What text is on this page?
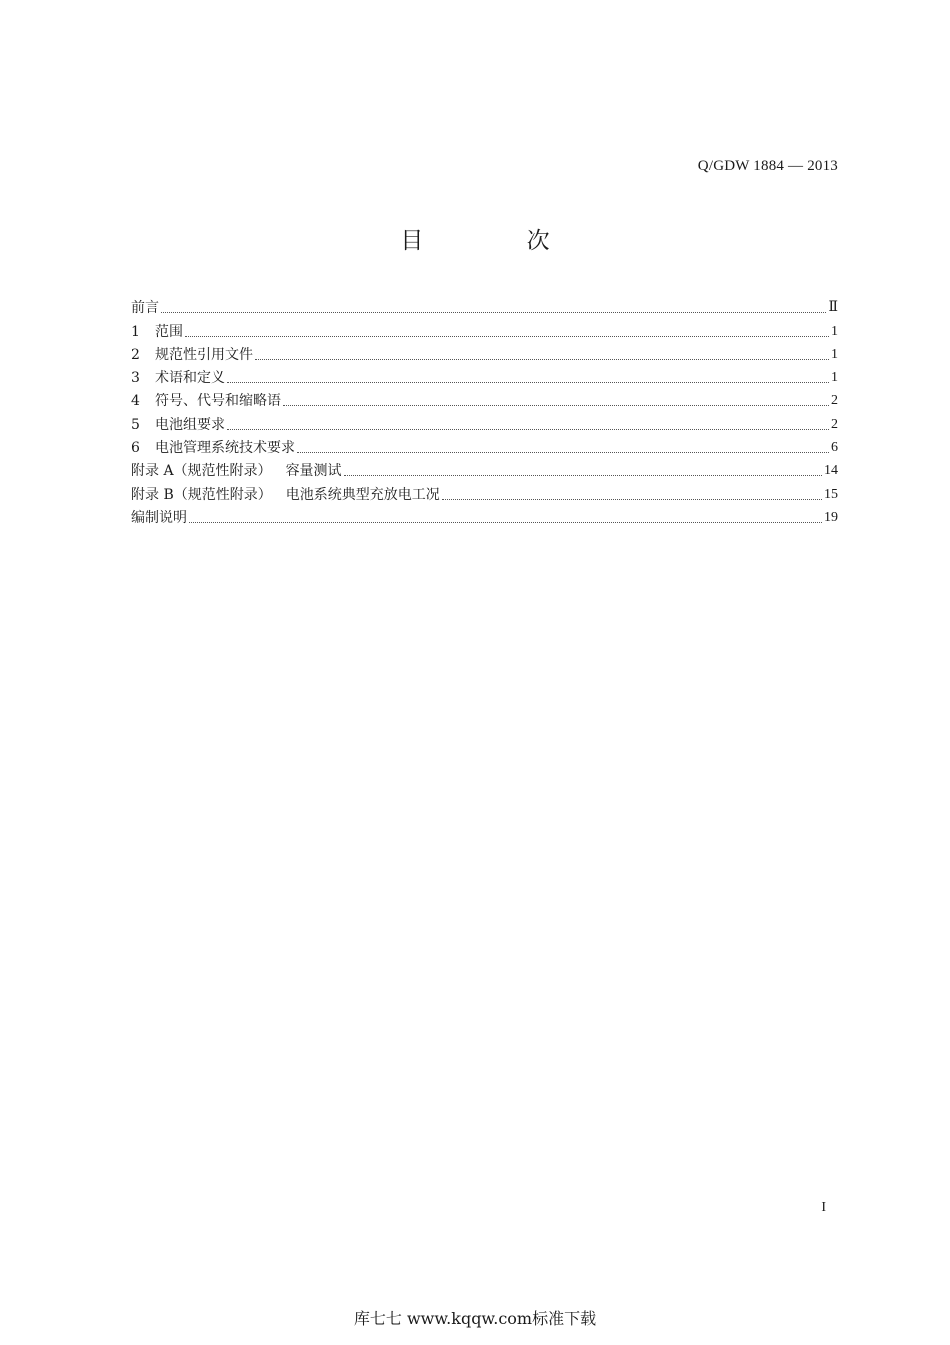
Q/GDW 1884 — 2013
目 次
前言	Ⅱ
1 范围	1
2 规范性引用文件	1
3 术语和定义	1
4 符号、代号和缩略语	2
5 电池组要求	2
6 电池管理系统技术要求	6
附录 A（规范性附录） 容量测试	14
附录 B（规范性附录） 电池系统典型充放电工况	15
编制说明	19
I
库七七 www.kqqw.com标准下载
